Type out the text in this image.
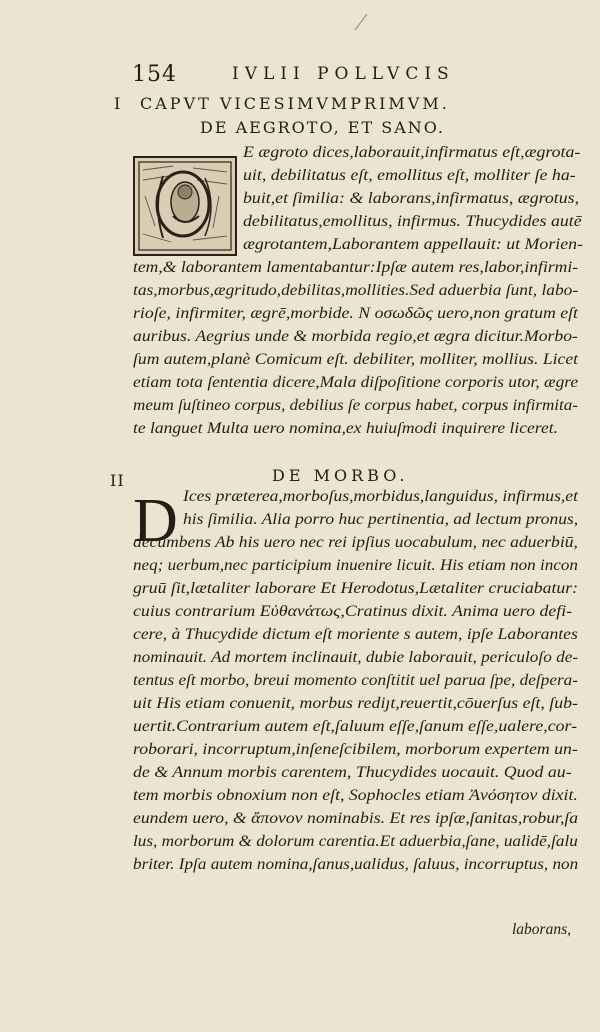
154	IVLII POLLVCIS
I CAPVT VICESIMVMPRIMVM.
DE AEGROTO, ET SANO.
E ægroto dices,laborauit,infirmatus eſt,ægrota-
uit, debilitatus eſt, emollitus eſt, molliter ſe ha-
buit,et ſimilia: & laborans,infirmatus, ægrotus,
debilitatus,emollitus, infirmus. Thucydides autē
ægrotantem,Laborantem appellauit: ut Morien-
tem,& laborantem lamentabantur:Ipſæ autem res,labor,infirmi-
tas,morbus,ægritudo,debilitas,mollities.Sed aduerbia ſunt, labo-
rioſe, infirmiter, ægrē,morbide. N οσωδῶς uero,non gratum eſt
auribus. Aegrius unde & morbida regio,et ægra dicitur.Morbo-
ſum autem,planè Comicum eſt. debiliter, molliter, mollius. Licet
etiam tota ſententia dicere,Mala diſpoſitione corporis utor, ægre
meum ſuſtineo corpus, debilius ſe corpus habet, corpus infirmita-
te languet Multa uero nomina,ex huiuſmodi inquirere liceret.
II	DE MORBO.
D Ices præterea,morboſus,morbidus,languidus, infirmus,et
his ſimilia. Alia porro huc pertinentia, ad lectum pronus,
decumbens Ab his uero nec rei ipſius uocabulum, nec aduerbiū,
neq; uerbum,nec participium inuenire licuit. His etiam non incon
gruū ſit,lætaliter laborare Et Herodotus,Lætaliter cruciabatur:
cuius contrarium Εὐθανάτως,Cratinus dixit. Anima uero defi-
cere, à Thucydide dictum eſt moriente s autem, ipſe Laborantes
nominauit. Ad mortem inclinauit, dubie laborauit, periculoſo de-
tentus eſt morbo, breui momento conſtitit uel parua ſpe, deſpera-
uit His etiam conuenit, morbus rediȷt,reuertit,cōuerſus eſt, ſub-
uertit.Contrarium autem eſt,ſaluum eſſe,ſanum eſſe,ualere,cor-
roborari, incorruptum,inſeneſcibilem, morborum expertem un-
de & Annum morbis carentem, Thucydides uocauit. Quod au-
tem morbis obnoxium non eſt, Sophocles etiam Ἀνόσητον dixit.
eundem uero, & ἄπονον nominabis. Et res ipſæ,ſanitas,robur,ſa
lus, morborum & dolorum carentia.Et aduerbia,ſane, ualidē,ſalu
briter. Ipſa autem nomina,ſanus,ualidus, ſaluus, incorruptus, non
laborans,
